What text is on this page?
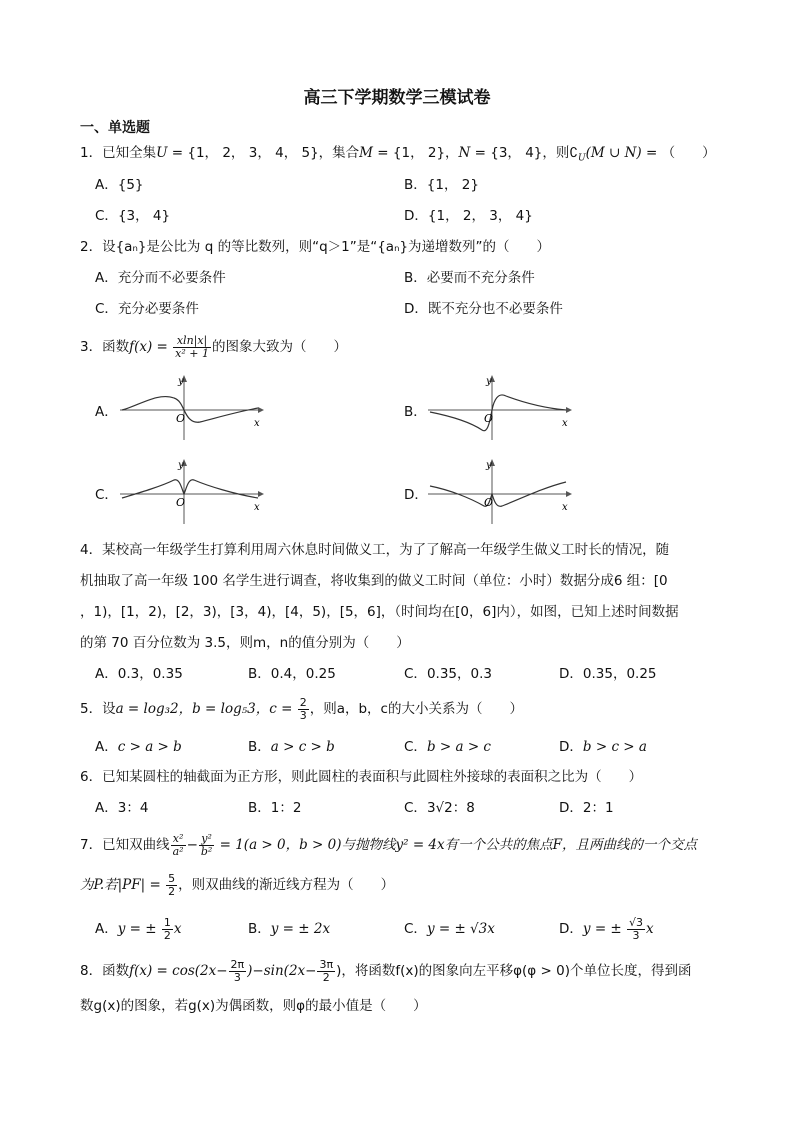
高三下学期数学三模试卷
一、单选题
1．已知全集U = {1， 2， 3， 4， 5}，集合M = {1， 2}，N = {3， 4}，则$∁_U(M$ ∪ N) = （　　）
A．{5}	B．{1， 2}
C．{3， 4}	D．{1， 2， 3， 4}
2．设{aₙ}是公比为 q 的等比数列，则“q＞1”是“{aₙ}为递增数列”的（　　）
A．充分而不必要条件	B．必要而不充分条件
C．充分必要条件	D．既不充分也不必要条件
3．函数$f(x) = \frac{xln|x|}{\text{x² + 1}}$ 的图象大致为（　　）
A．
y
x
O	B．
y
x
O
C．
y
x
O	D．
y
x
O
4．某校高一年级学生打算利用周六休息时间做义工，为了了解高一年级学生做义工时长的情况，随
机抽取了高一年级 100 名学生进行调查，将收集到的做义工时间（单位：小时）数据分成6 组：[0
，1)，[1，2)，[2，3)，[3，4)，[4，5)，[5，6]，（时间均在[0，6]内），如图，已知上述时间数据
的第 70 百分位数为 3.5，则m，n的值分别为（　　）
A．0.3，0.35	B．0.4，0.25	C．0.35，0.3	D．0.35，0.25
5．设a = log₃2，b = log₅3，$c = \frac{2}{3}$ ，则a，b，c的大小关系为（　　）
A．c > a > b	B．a > c > b	C．b > a > c	D．b > c > a
6．已知某圆柱的轴截面为正方形，则此圆柱的表面积与此圆柱外接球的表面积之比为（　　）
A．3：4	B．1：2	C．3√2：8	D．2：1
7．已知双曲线 $\frac{\text{x²}}{\text{a²}} - \frac{\text{y²}}{\text{b²}} = 1(a > 0$，b > 0)与抛物线y² = 4x有一个公共的焦点F，且两曲线的一个交点
为P.若$|PF| = \frac{5}{2}$ ，则双曲线的渐近线方程为（　　）
A．y = ± $\frac{1}{2}$ x	B．y = ± 2x	C．y = ± √3x	D．y = ± $\frac{√3}{3}$ x
8．函数$f(x) = \cos(2x- \frac{2\pi}{3} )-\sin(2x- \frac{3\pi}{2}$ )，将函数f(x)的图象向左平移φ(φ > 0)个单位长度，得到函
数g(x)的图象，若g(x)为偶函数，则φ的最小值是（　　）
